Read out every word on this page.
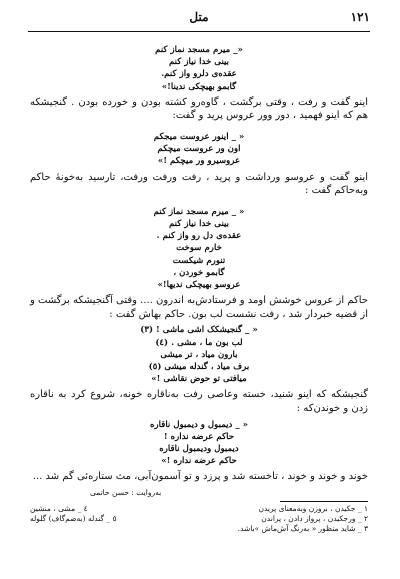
١٢١
متل
«_ میرم مسجد نماز کنم
بینی خدا نیاز کنم
عقده‌ی دلرو واز کنم.
گابمو بهیچکی ندینا!»

اینو گفت و رفت ، وقتی برگشت ، گاوەرو کشته بودن و خورده بودن . گنجیشکه هم که اینو فهمید ، دور وور عروس پرید و گفت:

« _ اینور عروست میجکم
اون ور عروست میچکم
عروسیرو ور میچکم !»

اینو گفت و عروسو ورداشت و پرید ، رفت ورفت ورفت، تارسید به‌خونهٔ حاکم وبه‌حاکم گفت :

« _ میرم مسجد نماز کنم
بینی خدا نیاز کنم
عقده‌ی دل رو واز کنم .
خارم سوخت
تنورم شیکست
گابمو خوردن ،
عروسو بهیچکی ندیها!»

حاکم از عروس خوشش اومد و فرستادش‌به اندرون .... وقتی آگنجیشکه برگشت و از قضیه خبردار شد ، رفت نشست لب بون. حاکم بهاش گفت :

« _ گنجیشکک اشی ماشی ! (٣)
لب بون ما ، مشی . (٤)
بارون میاد ، تر میشی
برف میاد ، گندله میشی (٥)
میافتی تو حوض نقاشی !»

گنجیشکه که اینو شنید، خسته وعاصی رفت به‌ناقاره خونه، شروع کرد به ناقاره زدن و خوندن‌که :

« _ دیمبول و دیمبول ناقاره
حاکم عرضه نداره !
دیمبول ودیمبول ناقاره
حاکم عرضه نداره !»

خوند و خوند و خوند ، تاخسته شد و پرزد و تو آسمون‌آبی، مث ستاره‌ئی گم شد ...

بەروایت : حسن حاتمی
١ _ جکیدن ، بروزن وبه‌معنای پریدن
٤ _ مشی ، منشین
٢ _ ورجکیدن ، پرواز دادن ، پراندن
٥ _ گندله (به‌ضم‌گاف) گلوله
٣ _ شاید منظور « به‌رنگ آش‌ماش »باشد.
